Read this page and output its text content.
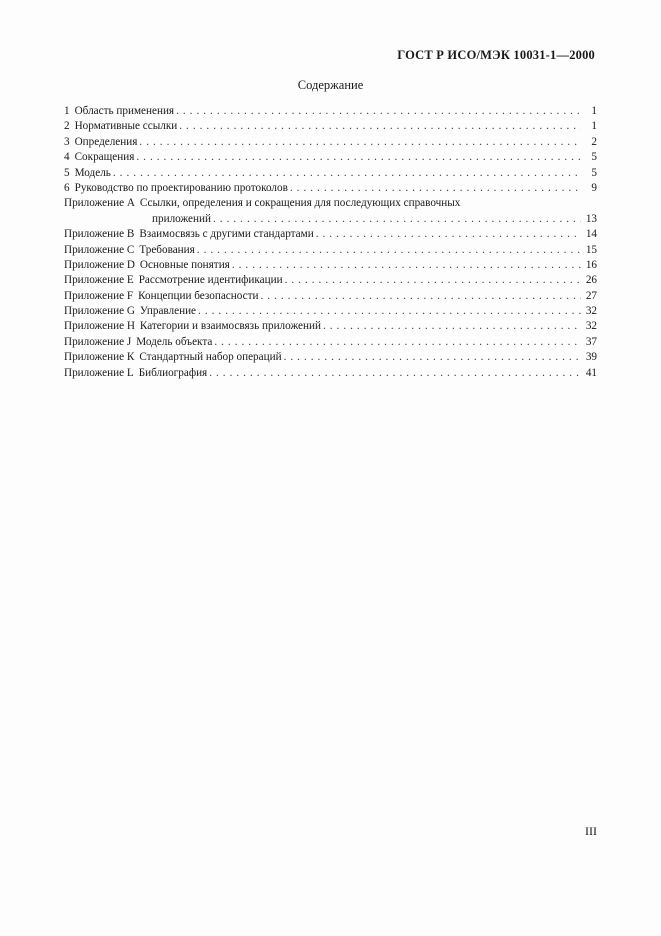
ГОСТ Р ИСО/МЭК 10031-1—2000
Содержание
1 Область применения . . .	1
2 Нормативные ссылки . . .	1
3 Определения . . .	2
4 Сокращения . . .	5
5 Модель . . .	5
6 Руководство по проектированию протоколов . . .	9
Приложение А Ссылки, определения и сокращения для последующих справочных
приложений . . .	13
Приложение В Взаимосвязь с другими стандартами . . .	14
Приложение С Требования . . .	15
Приложение D Основные понятия . . .	16
Приложение Е Рассмотрение идентификации . . .	26
Приложение F Концепции безопасности . . .	27
Приложение G Управление . . .	32
Приложение Н Категории и взаимосвязь приложений . . .	32
Приложение J Модель объекта . . .	37
Приложение К Стандартный набор операций . . .	39
Приложение L Библиография . . .	41
III
